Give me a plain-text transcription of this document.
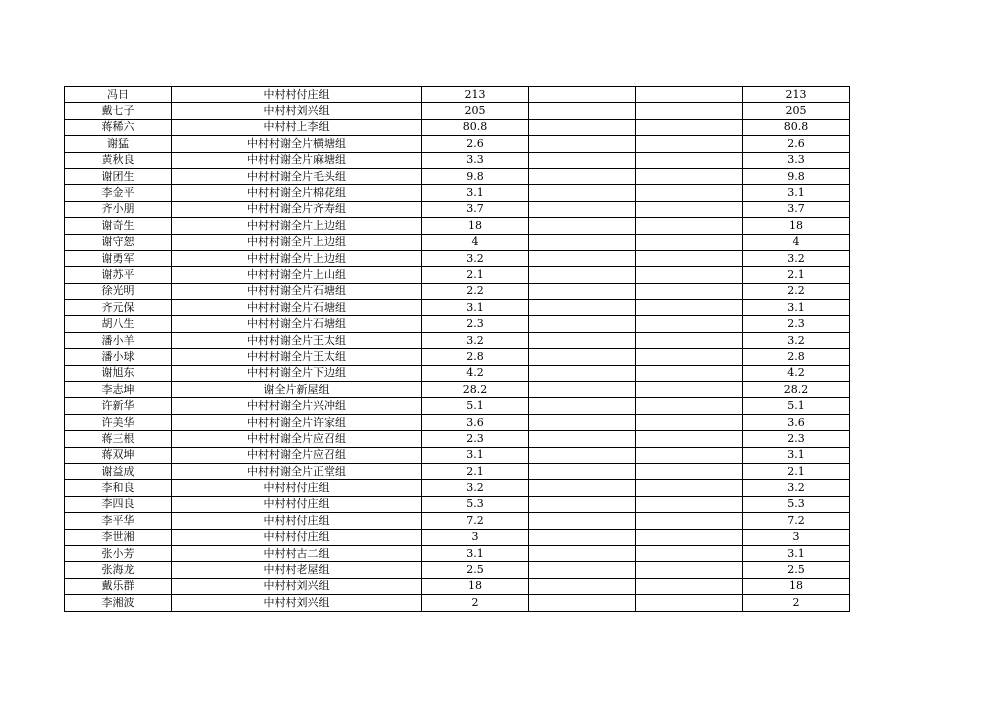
冯日	中村村付庄组	213			213
戴七子	中村村刘兴组	205			205
蒋稀六	中村村上李组	80.8			80.8
谢猛	中村村谢全片横塘组	2.6			2.6
黄秋良	中村村谢全片麻塘组	3.3			3.3
谢团生	中村村谢全片毛头组	9.8			9.8
李金平	中村村谢全片棉花组	3.1			3.1
齐小朋	中村村谢全片齐寿组	3.7			3.7
谢奇生	中村村谢全片上边组	18			18
谢守恕	中村村谢全片上边组	4			4
谢勇军	中村村谢全片上边组	3.2			3.2
谢苏平	中村村谢全片上山组	2.1			2.1
徐光明	中村村谢全片石塘组	2.2			2.2
齐元保	中村村谢全片石塘组	3.1			3.1
胡八生	中村村谢全片石塘组	2.3			2.3
潘小羊	中村村谢全片王太组	3.2			3.2
潘小球	中村村谢全片王太组	2.8			2.8
谢旭东	中村村谢全片下边组	4.2			4.2
李志坤	谢全片新屋组	28.2			28.2
许新华	中村村谢全片兴冲组	5.1			5.1
许美华	中村村谢全片许家组	3.6			3.6
蒋三根	中村村谢全片应召组	2.3			2.3
蒋双坤	中村村谢全片应召组	3.1			3.1
谢益成	中村村谢全片正堂组	2.1			2.1
李和良	中村村付庄组	3.2			3.2
李四良	中村村付庄组	5.3			5.3
李平华	中村村付庄组	7.2			7.2
李世湘	中村村付庄组	3			3
张小芳	中村村古二组	3.1			3.1
张海龙	中村村老屋组	2.5			2.5
戴乐群	中村村刘兴组	18			18
李湘波	中村村刘兴组	2			2
